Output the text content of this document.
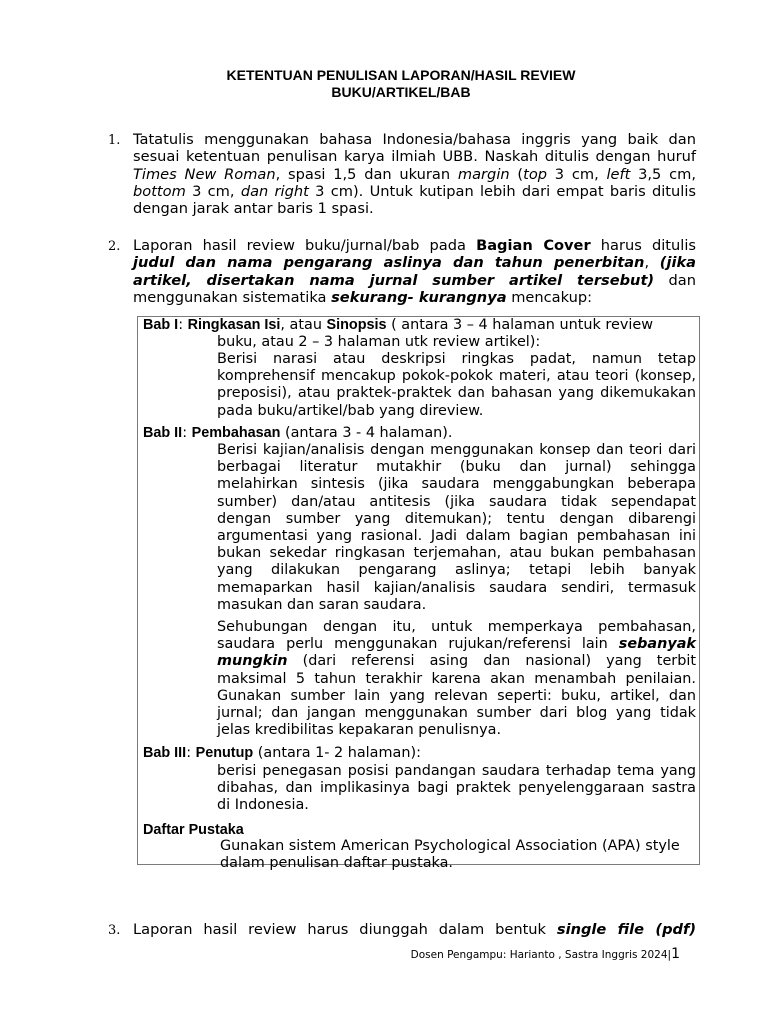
KETENTUAN PENULISAN LAPORAN/HASIL REVIEW
BUKU/ARTIKEL/BAB
1. Tatatulis menggunakan bahasa Indonesia/bahasa inggris yang baik dan sesuai ketentuan penulisan karya ilmiah UBB. Naskah ditulis dengan huruf Times New Roman, spasi 1,5 dan ukuran margin (top 3 cm, left 3,5 cm, bottom 3 cm, dan right 3 cm). Untuk kutipan lebih dari empat baris ditulis dengan jarak antar baris 1 spasi.
2. Laporan hasil review buku/jurnal/bab pada Bagian Cover harus ditulis judul dan nama pengarang aslinya dan tahun penerbitan, (jika artikel, disertakan nama jurnal sumber artikel tersebut) dan menggunakan sistematika sekurang- kurangnya mencakup:
Bab I: Ringkasan Isi, atau Sinopsis ( antara 3 – 4 halaman untuk review
buku, atau 2 – 3 halaman utk review artikel):
Berisi narasi atau deskripsi ringkas padat, namun tetap komprehensif mencakup pokok-pokok materi, atau teori (konsep, preposisi), atau praktek-praktek dan bahasan yang dikemukakan pada buku/artikel/bab yang direview.
Bab II: Pembahasan (antara 3 - 4 halaman).
Berisi kajian/analisis dengan menggunakan konsep dan teori dari berbagai literatur mutakhir (buku dan jurnal) sehingga melahirkan sintesis (jika saudara menggabungkan beberapa sumber) dan/atau antitesis (jika saudara tidak sependapat dengan sumber yang ditemukan); tentu dengan dibarengi argumentasi yang rasional. Jadi dalam bagian pembahasan ini bukan sekedar ringkasan terjemahan, atau bukan pembahasan yang dilakukan pengarang aslinya; tetapi lebih banyak memaparkan hasil kajian/analisis saudara sendiri, termasuk masukan dan saran saudara.
Sehubungan dengan itu, untuk memperkaya pembahasan, saudara perlu menggunakan rujukan/referensi lain sebanyak mungkin (dari referensi asing dan nasional) yang terbit maksimal 5 tahun terakhir karena akan menambah penilaian. Gunakan sumber lain yang relevan seperti: buku, artikel, dan jurnal; dan jangan menggunakan sumber dari blog yang tidak jelas kredibilitas kepakaran penulisnya.
Bab III: Penutup (antara 1- 2 halaman):
berisi penegasan posisi pandangan saudara terhadap tema yang dibahas, dan implikasinya bagi praktek penyelenggaraan sastra di Indonesia.
Daftar Pustaka
Gunakan sistem American Psychological Association (APA) style dalam penulisan daftar pustaka.
3. Laporan hasil review harus diunggah dalam bentuk single file (pdf)
Dosen Pengampu: Harianto , Sastra Inggris 2024|1
